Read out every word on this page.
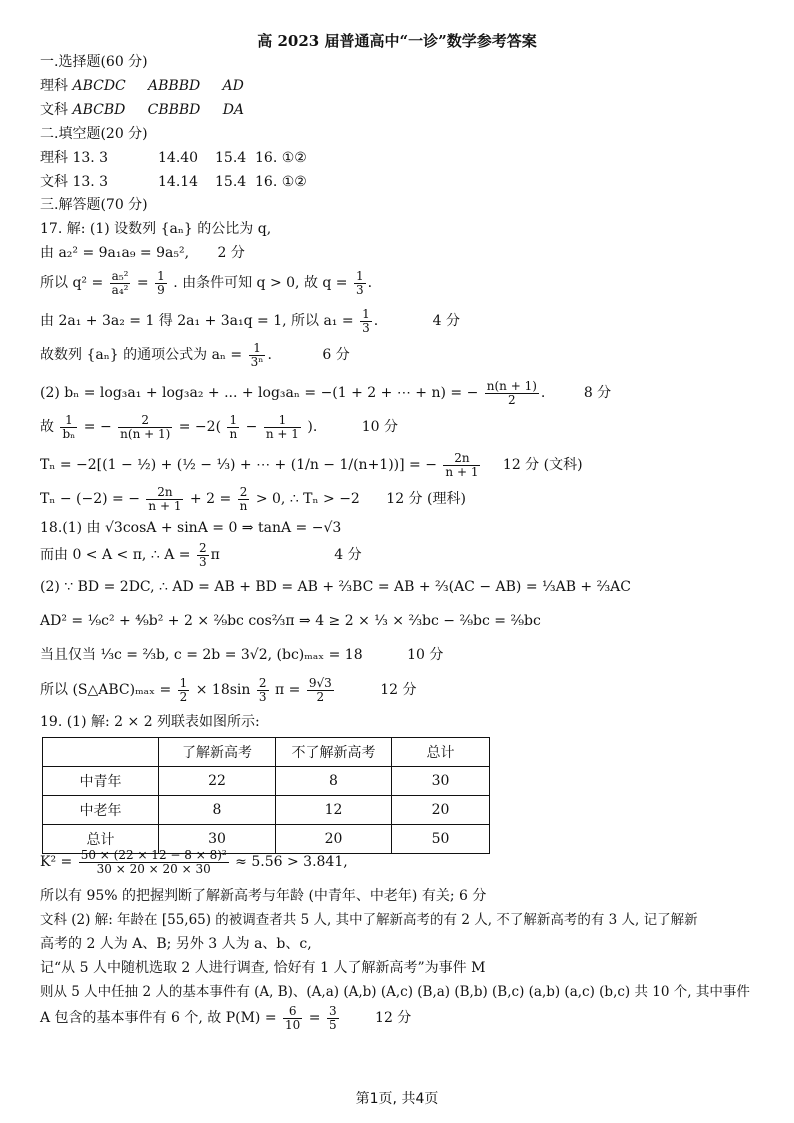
高 2023 届普通高中“一诊”数学参考答案
一.选择题(60 分)
理科 ABCDC ABBBD AD
文科 ABCBD CBBBD DA
二.填空题(20 分)
理科 13. 3	14.40 15.4 16. ①②
文科 13. 3	14.14 15.4 16. ①②
三.解答题(70 分)
17. 解: (1) 设数列 {aₙ} 的公比为 q,
由 a₂² = 9a₁a₉ = 9a₅², 2 分
所以 $q^2 = \frac{\text{a₅²}}{\text{a₄²}} = \frac{1}{9}$ . 由条件可知 q > 0, 故 $q = \frac{1}{3}$ .
由 2a₁ + 3a₂ = 1 得 2a₁ + 3a₁q = 1, 所以 $a_1 = \frac{1}{3}$ .	4 分
故数列 {aₙ} 的通项公式为 $a_n = \frac{1}{\text{3ⁿ}}$ .	6 分
(2) bₙ = log₃a₁ + log₃a₂ + ... + log₃aₙ = −(1 + 2 + ⋯ + n) = − $\frac{n(n + 1)}{2}$ . 8 分
故 $\frac{1}{\text{bₙ}}$ = − $\frac{2}{n(n + 1)} = -2( \frac{1}{n} - \frac{1}{n + 1}$ ).	10 分
Tₙ = −2[(1 − ½) + (½ − ⅓) + ⋯ + (1/n − 1/(n+1))] = − $\frac{2n}{n + 1} 12$ 分 (文科)
Tₙ − (−2) = − $\frac{2n}{n + 1} + 2 = \frac{2}{n} > 0$, ∴ Tₙ > −2 12 分 (理科)
18.(1) 由 √3cosA + sinA = 0 ⇒ tanA = −√3
而由 0 < A < π, ∴ $A = \frac{2}{3}$ π	4 分
(2) ∵ BD = 2DC, ∴ AD = AB + BD = AB + ⅔BC = AB + ⅔(AC − AB) = ⅓AB + ⅔AC
AD² = ¹⁄₉c² + ⁴⁄₉b² + 2 × ²⁄₉bc cos⅔π ⇒ 4 ≥ 2 × ⅓ × ⅔bc − ²⁄₉bc = ²⁄₉bc
当且仅当 ⅓c = ⅔b, c = 2b = 3√2, (bc)ₘₐₓ = 18	10 分
所以 (S△ABC)ₘₐₓ = $\frac{1}{2} \times 18\sin \frac{2}{3}$ $\pi = \frac{9√3}{2}$	12 分
19. (1) 解: 2 × 2 列联表如图所示:
	了解新高考	不了解新高考	总计
中青年	22	8	30
中老年	8	12	20
总计	30	20	50
$K^2 = \frac{\text{50 × (22 × 12 − 8 × 8)²}}{30 \times 20 \times 20 \times 30} \approx 5.56 > 3.841$,
所以有 95% 的把握判断了解新高考与年龄 (中青年、中老年) 有关; 6 分
文科 (2) 解: 年龄在 [55,65) 的被调查者共 5 人, 其中了解新高考的有 2 人, 不了解新高考的有 3 人, 记了解新
高考的 2 人为 A、B; 另外 3 人为 a、b、c,
记“从 5 人中随机选取 2 人进行调查, 恰好有 1 人了解新高考”为事件 M
则从 5 人中任抽 2 人的基本事件有 (A, B)、(A,a) (A,b) (A,c) (B,a) (B,b) (B,c) (a,b) (a,c) (b,c) 共 10 个, 其中事件
A 包含的基本事件有 6 个, 故 $P(M) = \frac{6}{10} = \frac{3}{5}$	12 分
第1页, 共4页
